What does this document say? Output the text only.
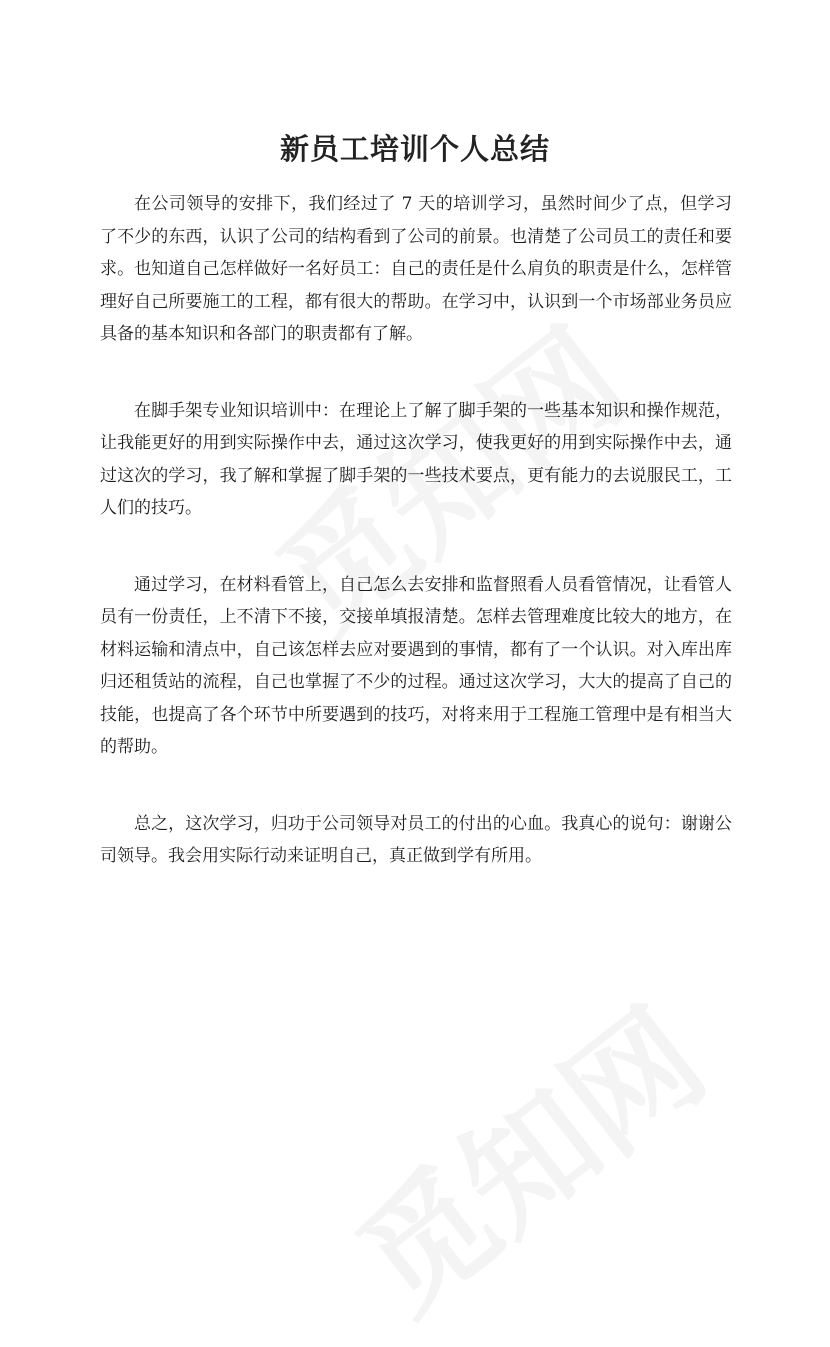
新员工培训个人总结

在公司领导的安排下，我们经过了 7 天的培训学习，虽然时间少了点，但学习了不少的东西，认识了公司的结构看到了公司的前景。也清楚了公司员工的责任和要求。也知道自己怎样做好一名好员工：自己的责任是什么肩负的职责是什么，怎样管理好自己所要施工的工程，都有很大的帮助。在学习中，认识到一个市场部业务员应具备的基本知识和各部门的职责都有了解。

在脚手架专业知识培训中：在理论上了解了脚手架的一些基本知识和操作规范，让我能更好的用到实际操作中去，通过这次学习，使我更好的用到实际操作中去，通过这次的学习，我了解和掌握了脚手架的一些技术要点，更有能力的去说服民工，工人们的技巧。

通过学习，在材料看管上，自己怎么去安排和监督照看人员看管情况，让看管人员有一份责任，上不清下不接，交接单填报清楚。怎样去管理难度比较大的地方，在材料运输和清点中，自己该怎样去应对要遇到的事情，都有了一个认识。对入库出库归还租赁站的流程，自己也掌握了不少的过程。通过这次学习，大大的提高了自己的技能，也提高了各个环节中所要遇到的技巧，对将来用于工程施工管理中是有相当大的帮助。

总之，这次学习，归功于公司领导对员工的付出的心血。我真心的说句：谢谢公司领导。我会用实际行动来证明自己，真正做到学有所用。
